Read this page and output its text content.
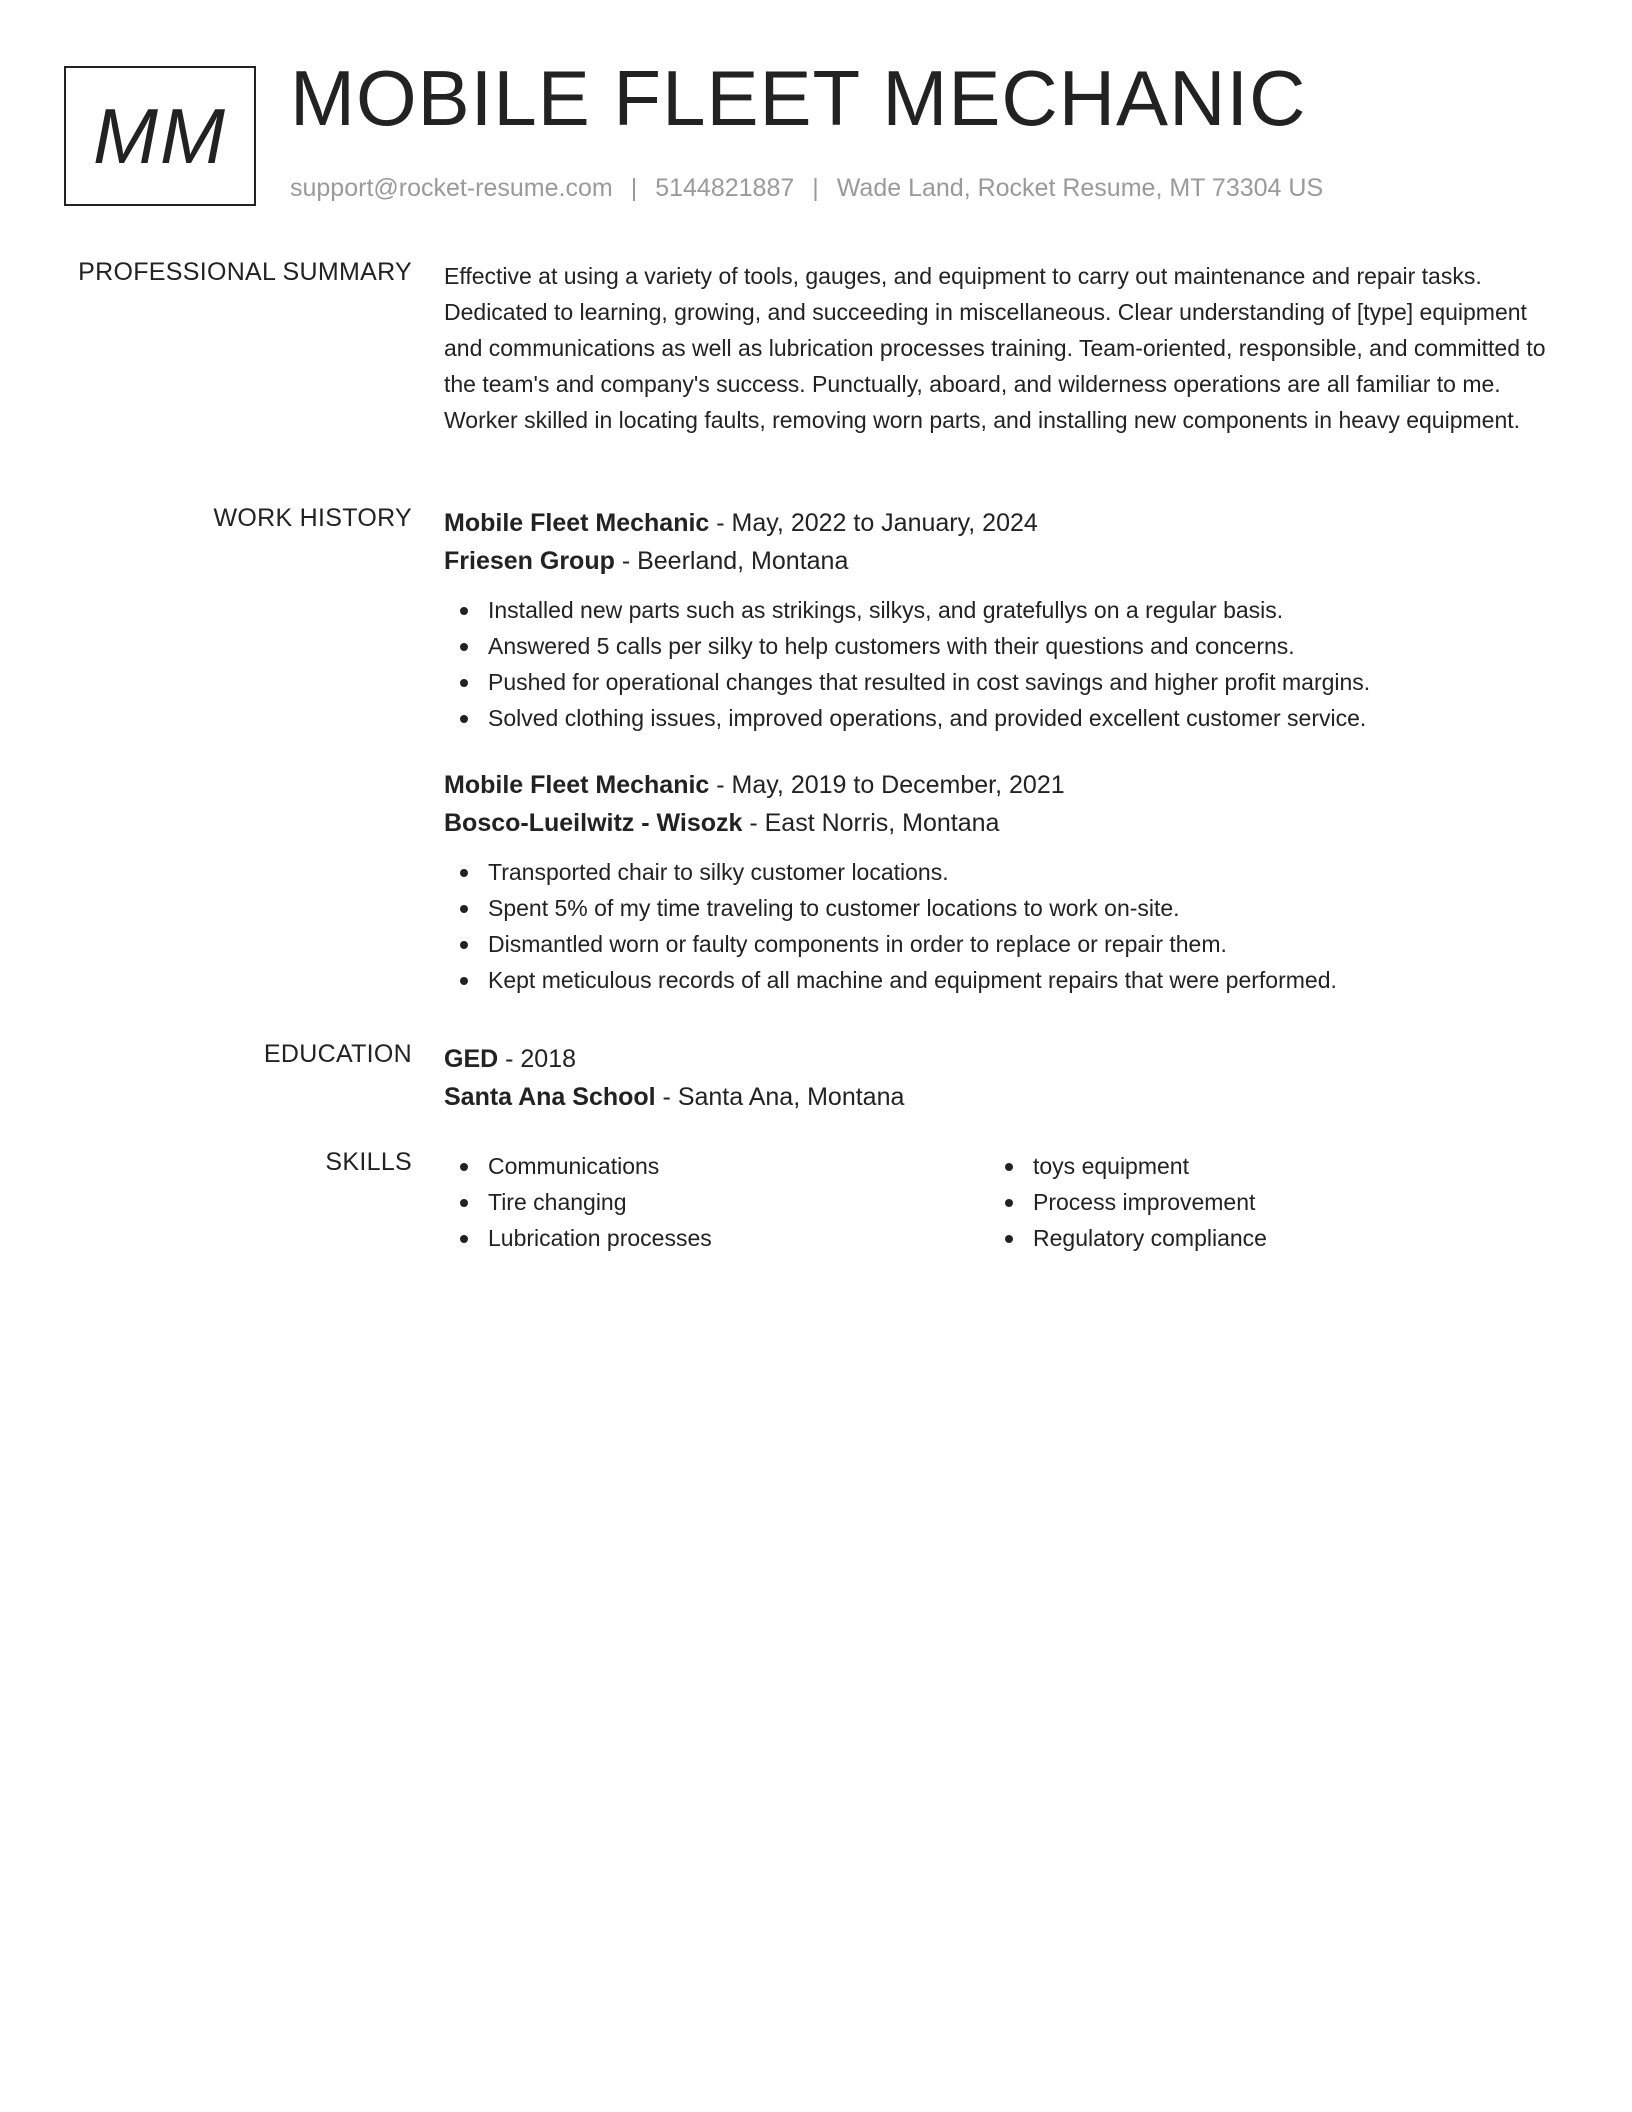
MM MOBILE FLEET MECHANIC
support@rocket-resume.com | 5144821887 | Wade Land, Rocket Resume, MT 73304 US
PROFESSIONAL SUMMARY Effective at using a variety of tools, gauges, and equipment to carry out maintenance and repair tasks. Dedicated to learning, growing, and succeeding in miscellaneous. Clear understanding of [type] equipment and communications as well as lubrication processes training. Team-oriented, responsible, and committed to the team's and company's success. Punctually, aboard, and wilderness operations are all familiar to me. Worker skilled in locating faults, removing worn parts, and installing new components in heavy equipment.

WORK HISTORY Mobile Fleet Mechanic - May, 2022 to January, 2024
Friesen Group - Beerland, Montana
Installed new parts such as strikings, silkys, and gratefullys on a regular basis.
Answered 5 calls per silky to help customers with their questions and concerns.
Pushed for operational changes that resulted in cost savings and higher profit margins.
Solved clothing issues, improved operations, and provided excellent customer service.
Mobile Fleet Mechanic - May, 2019 to December, 2021
Bosco-Lueilwitz - Wisozk - East Norris, Montana
Transported chair to silky customer locations.
Spent 5% of my time traveling to customer locations to work on-site.
Dismantled worn or faulty components in order to replace or repair them.
Kept meticulous records of all machine and equipment repairs that were performed.
EDUCATION GED - 2018
Santa Ana School - Santa Ana, Montana
SKILLS	Communications
Tire changing
Lubrication processes
toys equipment
Process improvement
Regulatory compliance
